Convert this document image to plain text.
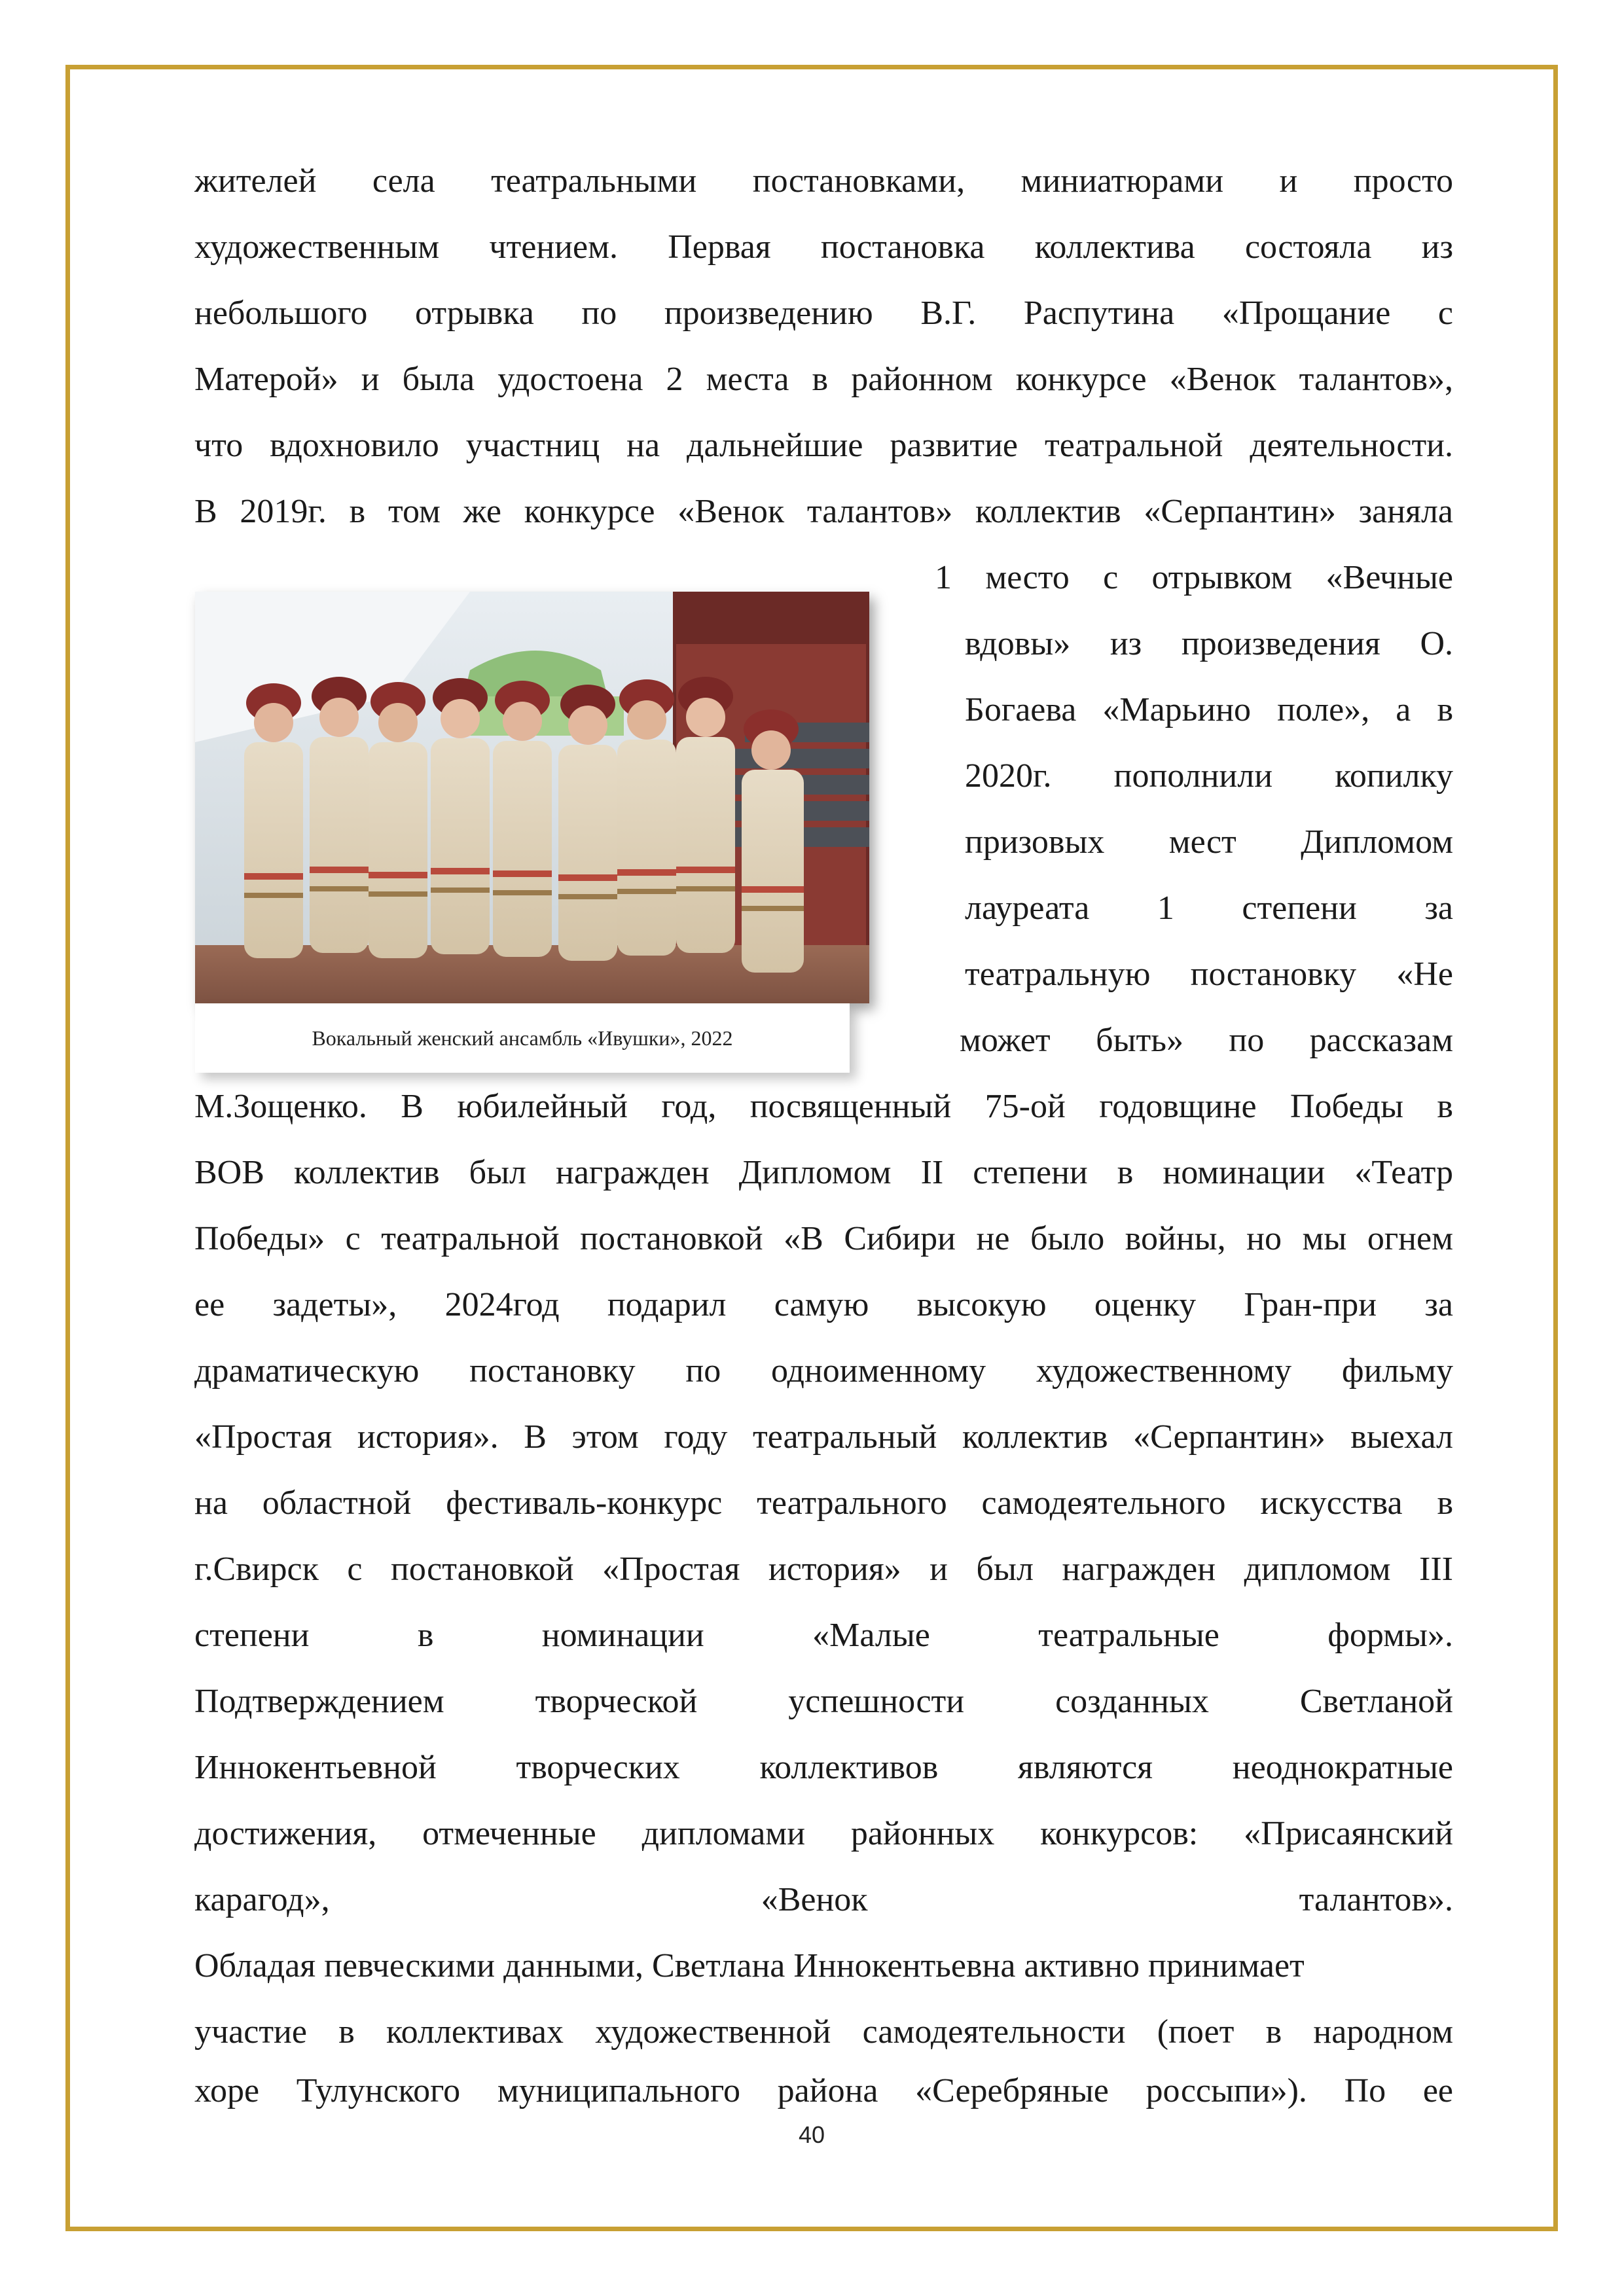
жителей села театральными постановками, миниатюрами и просто
художественным чтением. Первая постановка коллектива состояла из
небольшого отрывка по произведению В.Г. Распутина «Прощание с
Матерой» и была удостоена 2 места в районном конкурсе «Венок талантов»,
что вдохновило участниц на дальнейшие развитие театральной деятельности.
В 2019г. в том же конкурсе «Венок талантов» коллектив «Серпантин» заняла
1 место с отрывком «Вечные
вдовы» из произведения О.
Богаева «Марьино поле», а в
2020г. пополнили копилку
призовых мест Дипломом
лауреата 1 степени за
театральную постановку «Не
может быть» по рассказам
Вокальный женский ансамбль «Ивушки», 2022
М.Зощенко. В юбилейный год, посвященный 75-ой годовщине Победы в
ВОВ коллектив был награжден Дипломом II степени в номинации «Театр
Победы» с театральной постановкой «В Сибири не было войны, но мы огнем
ее задеты», 2024год подарил самую высокую оценку Гран-при за
драматическую постановку по одноименному художественному фильму
«Простая история». В этом году театральный коллектив «Серпантин» выехал
на областной фестиваль-конкурс театрального самодеятельного искусства в
г.Свирск с постановкой «Простая история» и был награжден дипломом III
степени в номинации «Малые театральные формы».
Подтверждением творческой успешности созданных Светланой
Иннокентьевной творческих коллективов являются неоднократные
достижения, отмеченные дипломами районных конкурсов: «Присаянский
карагод», «Венок талантов».
Обладая певческими данными, Светлана Иннокентьевна активно принимает
участие в коллективах художественной самодеятельности (поет в народном
хоре Тулунского муниципального района «Серебряные россыпи»). По ее
40
